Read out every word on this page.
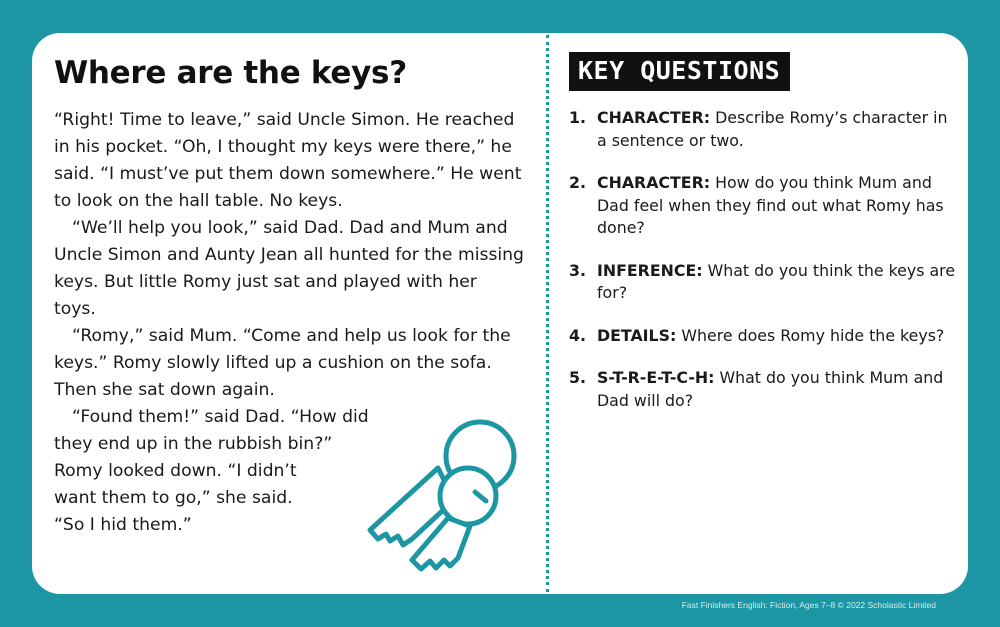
Where are the keys?

“Right! Time to leave,” said Uncle Simon. He reached in his pocket. “Oh, I thought my keys were there,” he said. “I must’ve put them down somewhere.” He went to look on the hall table. No keys.

“We’ll help you look,” said Dad. Dad and Mum and Uncle Simon and Aunty Jean all hunted for the missing keys. But little Romy just sat and played with her toys.

“Romy,” said Mum. “Come and help us look for the keys.” Romy slowly lifted up a cushion on the sofa. Then she sat down again.

“Found them!” said Dad. “How did

they end up in the rubbish bin?”

Romy looked down. “I didn’t

want them to go,” she said.

“So I hid them.”

KEY QUESTIONS
1. CHARACTER: Describe Romy’s character in a sentence or two.
2. CHARACTER: How do you think Mum and Dad feel when they find out what Romy has done?
3. INFERENCE: What do you think the keys are for?
4. DETAILS: Where does Romy hide the keys?
5. S-T-R-E-T-C-H: What do you think Mum and Dad will do?
Fast Finishers English: Fiction, Ages 7–8 © 2022 Scholastic Limited
